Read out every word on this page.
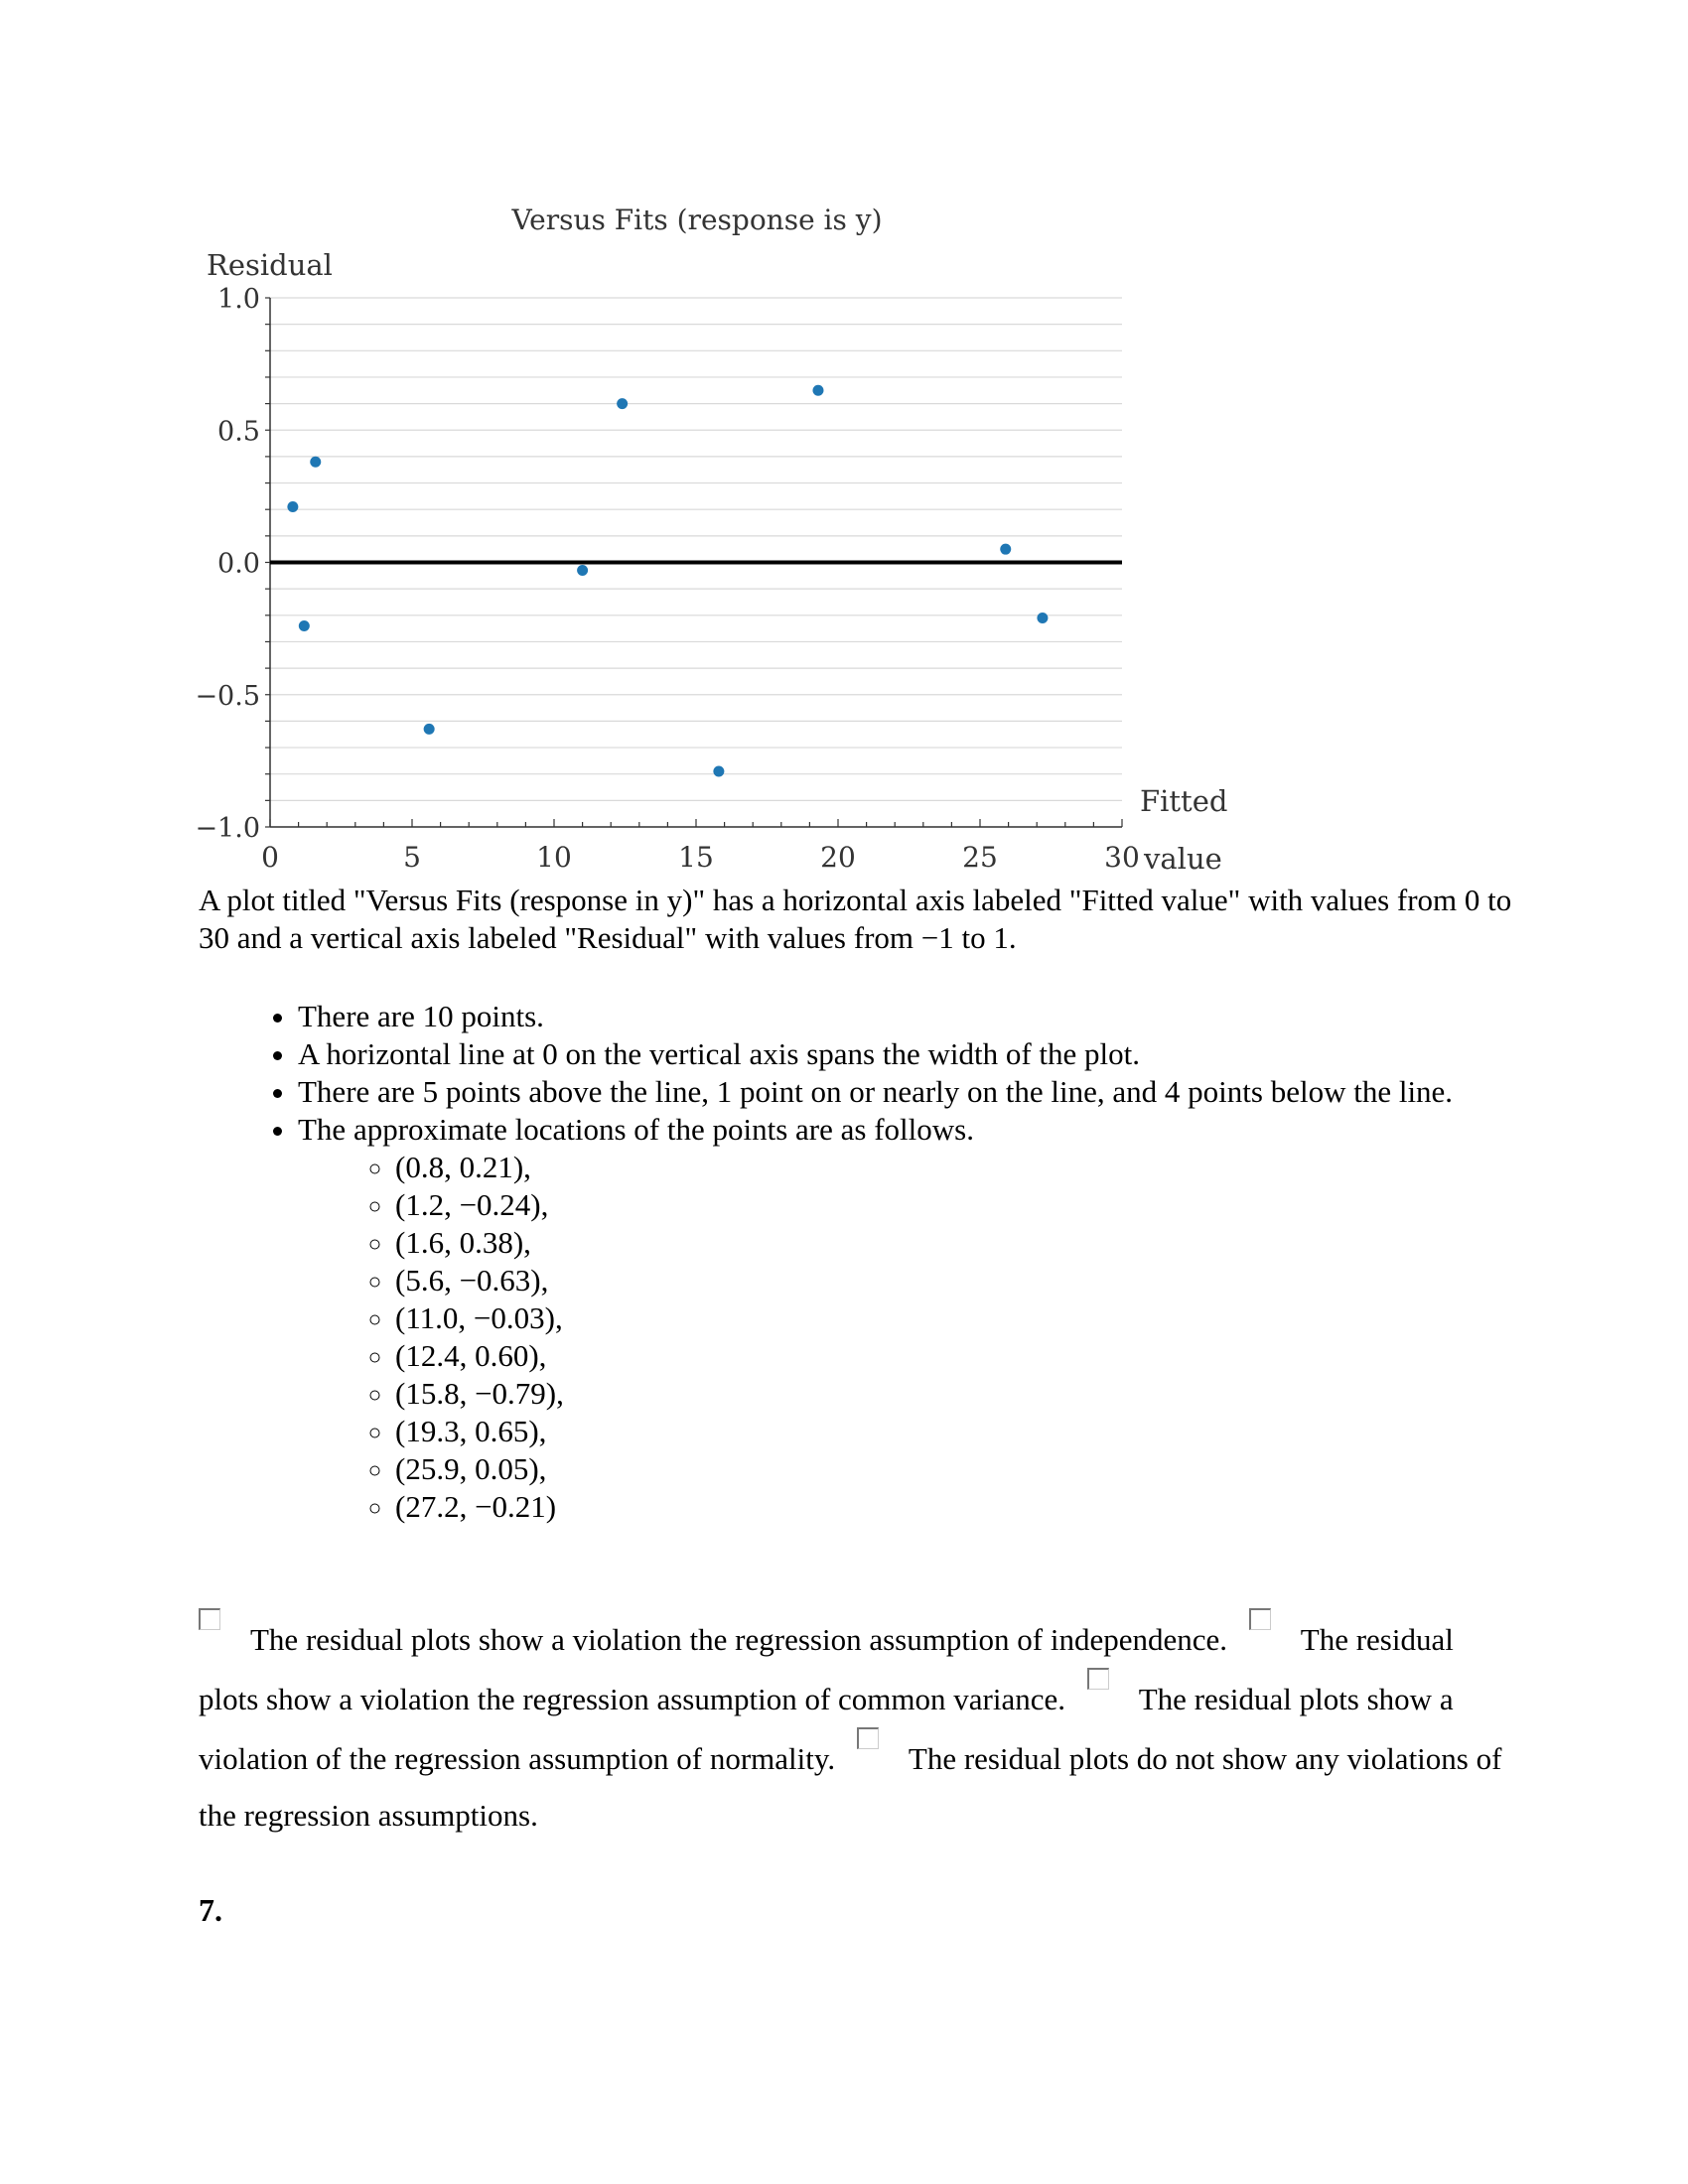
Versus Fits (response is y)
Residual
1.0
0.5
0.0
−0.5
−1.0
0	5	10	15	20	25	30
Fitted
value

A plot titled "Versus Fits (response in y)" has a horizontal axis labeled "Fitted value" with values from 0 to 30 and a vertical axis labeled "Residual" with values from −1 to 1.

• There are 10 points.
• A horizontal line at 0 on the vertical axis spans the width of the plot.
• There are 5 points above the line, 1 point on or nearly on the line, and 4 points below the line.
• The approximate locations of the points are as follows.
◦ (0.8, 0.21),
◦ (1.2, −0.24),
◦ (1.6, 0.38),
◦ (5.6, −0.63),
◦ (11.0, −0.03),
◦ (12.4, 0.60),
◦ (15.8, −0.79),
◦ (19.3, 0.65),
◦ (25.9, 0.05),
◦ (27.2, −0.21)

The residual plots show a violation the regression assumption of independence. The residual plots show a violation the regression assumption of common variance. The residual plots show a violation of the regression assumption of normality. The residual plots do not show any violations of the regression assumptions.

7.
